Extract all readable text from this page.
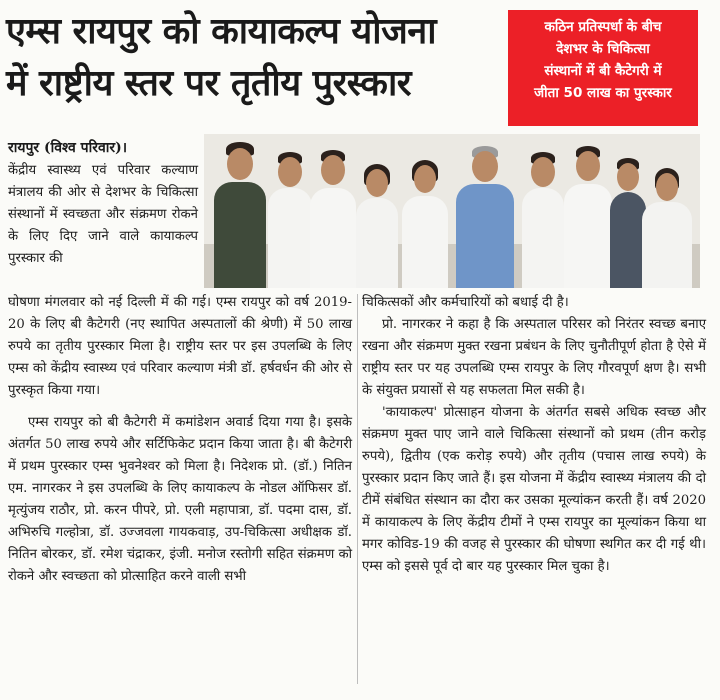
एम्स रायपुर को कायाकल्प योजना
में राष्ट्रीय स्तर पर तृतीय पुरस्कार
कठिन प्रतिस्पर्धा के बीच
देशभर के चिकित्सा
संस्थानों में बी कैटेगरी में
जीता 50 लाख का पुरस्कार
रायपुर (विश्व परिवार)।

केंद्रीय स्वास्थ्य एवं परिवार कल्याण मंत्रालय की ओर से देशभर के चिकित्सा संस्थानों में स्वच्छता और संक्रमण रोकने के लिए दिए जाने वाले कायाकल्प पुरस्कार की

घोषणा मंगलवार को नई दिल्ली में की गई। एम्स रायपुर को वर्ष 2019-20 के लिए बी कैटेगरी (नए स्थापित अस्पतालों की श्रेणी) में 50 लाख रुपये का तृतीय पुरस्कार मिला है। राष्ट्रीय स्तर पर इस उपलब्धि के लिए एम्स को केंद्रीय स्वास्थ्य एवं परिवार कल्याण मंत्री डॉ. हर्षवर्धन की ओर से पुरस्कृत किया गया।

एम्स रायपुर को बी कैटेगरी में कमांडेशन अवार्ड दिया गया है। इसके अंतर्गत 50 लाख रुपये और सर्टिफिकेट प्रदान किया जाता है। बी कैटेगरी में प्रथम पुरस्कार एम्स भुवनेश्वर को मिला है। निदेशक प्रो. (डॉ.) नितिन एम. नागरकर ने इस उपलब्धि के लिए कायाकल्प के नोडल ऑफिसर डॉ. मृत्युंजय राठौर, प्रो. करन पीपरे, प्रो. एली महापात्रा, डॉ. पदमा दास, डॉ. अभिरुचि गल्होत्रा, डॉ. उज्जवला गायकवाड़, उप-चिकित्सा अधीक्षक डॉ. नितिन बोरकर, डॉ. रमेश चंद्राकर, इंजी. मनोज रस्तोगी सहित संक्रमण को रोकने और स्वच्छता को प्रोत्साहित करने वाली सभी

चिकित्सकों और कर्मचारियों को बधाई दी है।

प्रो. नागरकर ने कहा है कि अस्पताल परिसर को निरंतर स्वच्छ बनाए रखना और संक्रमण मुक्त रखना प्रबंधन के लिए चुनौतीपूर्ण होता है ऐसे में राष्ट्रीय स्तर पर यह उपलब्धि एम्स रायपुर के लिए गौरवपूर्ण क्षण है। सभी के संयुक्त प्रयासों से यह सफलता मिल सकी है।

'कायाकल्प' प्रोत्साहन योजना के अंतर्गत सबसे अधिक स्वच्छ और संक्रमण मुक्त पाए जाने वाले चिकित्सा संस्थानों को प्रथम (तीन करोड़ रुपये), द्वितीय (एक करोड़ रुपये) और तृतीय (पचास लाख रुपये) के पुरस्कार प्रदान किए जाते हैं। इस योजना में केंद्रीय स्वास्थ्य मंत्रालय की दो टीमें संबंधित संस्थान का दौरा कर उसका मूल्यांकन करती हैं। वर्ष 2020 में कायाकल्प के लिए केंद्रीय टीमों ने एम्स रायपुर का मूल्यांकन किया था मगर कोविड-19 की वजह से पुरस्कार की घोषणा स्थगित कर दी गई थी। एम्स को इससे पूर्व दो बार यह पुरस्कार मिल चुका है।
